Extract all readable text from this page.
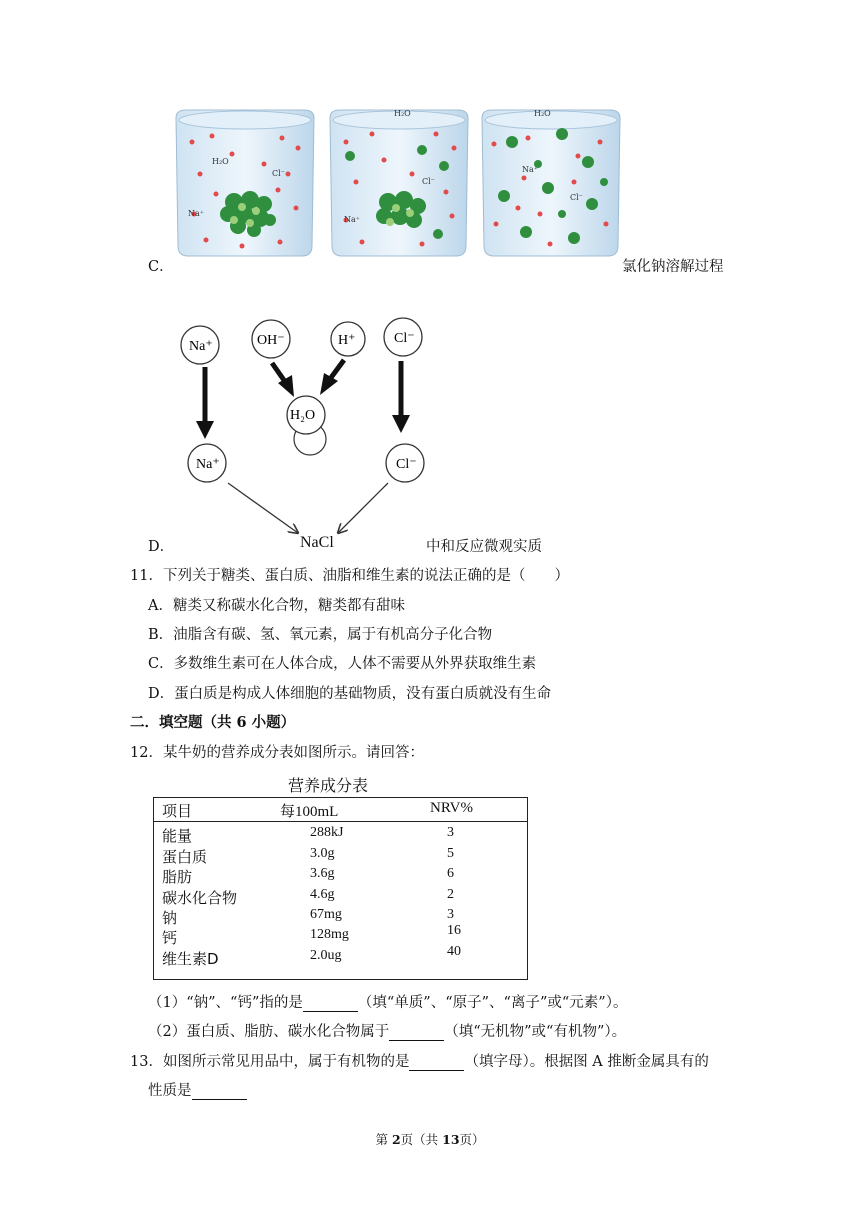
H₂O
Cl⁻
Na⁺
H₂O
Cl⁻
Na⁺
H₂O
Na⁺
Cl⁻
C．	氯化钠溶解过程
Na⁺	OH⁻	H⁺	Cl⁻
H₂O
Na⁺	Cl⁻
NaCl
D．	中和反应微观实质
11．下列关于糖类、蛋白质、油脂和维生素的说法正确的是（　　）
A．糖类又称碳水化合物，糖类都有甜味
B．油脂含有碳、氢、氧元素，属于有机高分子化合物
C．多数维生素可在人体合成，人体不需要从外界获取维生素
D．蛋白质是构成人体细胞的基础物质，没有蛋白质就没有生命
二．填空题（共 6 小题）
12．某牛奶的营养成分表如图所示。请回答：
营养成分表
项目	每100mL	NRV%
能量	288kJ	3
蛋白质	3.0g	5
脂肪	3.6g	6
碳水化合物	4.6g	2
钠	67mg	3
钙	128mg	16
维生素D	2.0ug	40
（1）“钠”、“钙”指的是	（填“单质”、“原子”、“离子”或“元素”）。
（2）蛋白质、脂肪、碳水化合物属于	（填“无机物”或“有机物”）。
13．如图所示常见用品中，属于有机物的是	（填字母）。根据图 A 推断金属具有的
性质是
第 2页（共 13页）
